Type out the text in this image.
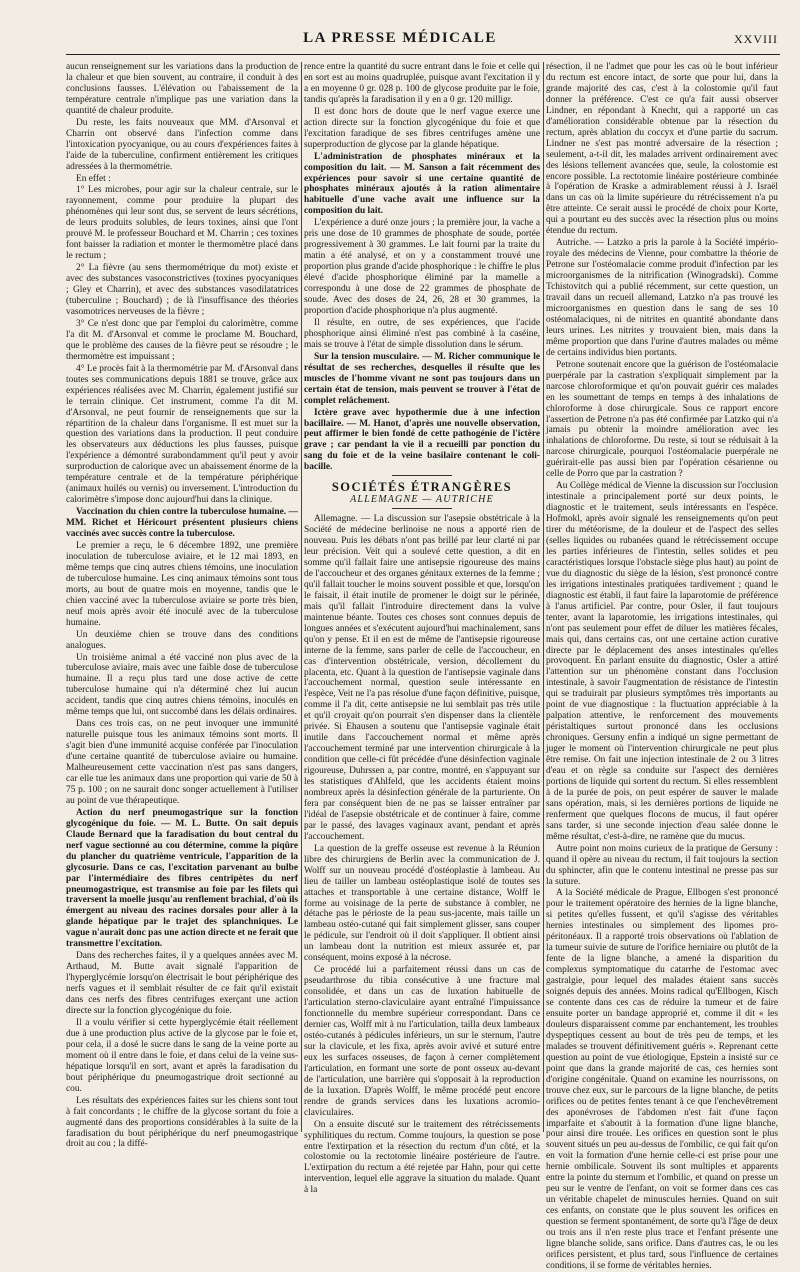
LA PRESSE MÉDICALE	XXVIII

aucun renseignement sur les variations dans la production de la chaleur et que bien souvent, au contraire, il conduit à des conclusions fausses. L'élévation ou l'abaissement de la température centrale n'implique pas une variation dans la quantité de chaleur produite.

Du reste, les faits nouveaux que MM. d'Arsonval et Charrin ont observé dans l'infection comme dans l'intoxication pyocyanique, ou au cours d'expériences faites à l'aide de la tuberculine, confirment entièrement les critiques adressées à la thermométrie.

En effet :

1° Les microbes, pour agir sur la chaleur centrale, sur le rayonnement, comme pour produire la plupart des phénomènes qui leur sont dus, se servent de leurs sécrétions, de leurs produits solubles, de leurs toxines, ainsi que l'ont prouvé M. le professeur Bouchard et M. Charrin ; ces toxines font baisser la radiation et monter le thermomètre placé dans le rectum ;

2° La fièvre (au sens thermométrique du mot) existe et avec des substances vasoconstrictives (toxines pyocyaniques ; Gley et Charrin), et avec des substances vasodilatatrices (tuberculine ; Bouchard) ; de là l'insuffisance des théories vasomotrices nerveuses de la fièvre ;

3° Ce n'est donc que par l'emploi du calorimètre, comme l'a dit M. d'Arsonval et comme le proclame M. Bouchard, que le problème des causes de la fièvre peut se résoudre ; le thermomètre est impuissant ;

4° Le procès fait à la thermométrie par M. d'Arsonval dans toutes ses communications depuis 1881 se trouve, grâce aux expériences réalisées avec M. Charrin, également justifié sur le terrain clinique. Cet instrument, comme l'a dit M. d'Arsonval, ne peut fournir de renseignements que sur la répartition de la chaleur dans l'organisme. Il est muet sur la question des variations dans la production. Il peut conduire les observateurs aux déductions les plus fausses, puisque l'expérience a démontré surabondamment qu'il peut y avoir surproduction de calorique avec un abaissement énorme de la température centrale et de la température périphérique (animaux huilés ou vernis) ou inversement. L'introduction du calorimètre s'impose donc aujourd'hui dans la clinique.

Vaccination du chien contre la tuberculose humaine. — MM. Richet et Héricourt présentent plusieurs chiens vaccinés avec succès contre la tuberculose.

Le premier a reçu, le 6 décembre 1892, une première inoculation de tuberculose aviaire, et le 12 mai 1893, en même temps que cinq autres chiens témoins, une inoculation de tuberculose humaine. Les cinq animaux témoins sont tous morts, au bout de quatre mois en moyenne, tandis que le chien vacciné avec la tuberculose aviaire se porte très bien, neuf mois après avoir été inoculé avec de la tuberculose humaine.

Un deuxième chien se trouve dans des conditions analogues.

Un troisième animal a été vacciné non plus avec de la tuberculose aviaire, mais avec une faible dose de tuberculose humaine. Il a reçu plus tard une dose active de cette tuberculose humaine qui n'a déterminé chez lui aucun accident, tandis que cinq autres chiens témoins, inoculés en même temps que lui, ont succombé dans les délais ordinaires.

Dans ces trois cas, on ne peut invoquer une immunité naturelle puisque tous les animaux témoins sont morts. Il s'agit bien d'une immunité acquise conférée par l'inoculation d'une certaine quantité de tuberculose aviaire ou humaine. Malheureusement cette vaccination n'est pas sans dangers, car elle tue les animaux dans une proportion qui varie de 50 à 75 p. 100 ; on ne saurait donc songer actuellement à l'utiliser au point de vue thérapeutique.

Action du nerf pneumogastrique sur la fonction glycogénique du foie. — M. L. Butte. On sait depuis Claude Bernard que la faradisation du bout central du nerf vague sectionné au cou détermine, comme la piqûre du plancher du quatrième ventricule, l'apparition de la glycosurie. Dans ce cas, l'excitation parvenant au bulbe par l'intermédiaire des fibres centripètes du nerf pneumogastrique, est transmise au foie par les filets qui traversent la moelle jusqu'au renflement brachial, d'où ils émergent au niveau des racines dorsales pour aller à la glande hépatique par le trajet des splanchniques. Le vague n'aurait donc pas une action directe et ne ferait que transmettre l'excitation.

Dans des recherches faites, il y a quelques années avec M. Arthaud, M. Butte avait signalé l'apparition de l'hyperglycémie lorsqu'on électrisait le bout périphérique des nerfs vagues et il semblait résulter de ce fait qu'il existait dans ces nerfs des fibres centrifuges exerçant une action directe sur la fonction glycogénique du foie.

Il a voulu vérifier si cette hyperglycémie était réellement due à une production plus active de la glycose par le foie et, pour cela, il a dosé le sucre dans le sang de la veine porte au moment où il entre dans le foie, et dans celui de la veine sus-hépatique lorsqu'il en sort, avant et après la faradisation du bout périphérique du pneumogastrique droit sectionné au cou.

Les résultats des expériences faites sur les chiens sont tout à fait concordants ; le chiffre de la glycose sortant du foie a augmenté dans des proportions considérables à la suite de la faradisation du bout périphérique du nerf pneumogastrique droit au cou ; la diffé-

rence entre la quantité du sucre entrant dans le foie et celle qui en sort est au moins quadruplée, puisque avant l'excitation il y a en moyenne 0 gr. 028 p. 100 de glycose produite par le foie, tandis qu'après la faradisation il y en a 0 gr. 120 milligr.

Il est donc hors de doute que le nerf vague exerce une action directe sur la fonction glycogénique du foie et que l'excitation faradique de ses fibres centrifuges amène une superproduction de glycose par la glande hépatique.

L'administration de phosphates minéraux et la composition du lait. — M. Sanson a fait récemment des expériences pour savoir si une certaine quantité de phosphates minéraux ajoutés à la ration alimentaire habituelle d'une vache avait une influence sur la composition du lait.

L'expérience a duré onze jours ; la première jour, la vache a pris une dose de 10 grammes de phosphate de soude, portée progressivement à 30 grammes. Le lait fourni par la traite du matin a été analysé, et on y a constamment trouvé une proportion plus grande d'acide phosphorique : le chiffre le plus élevé d'acide phosphorique éliminé par la mamelle a correspondu à une dose de 22 grammes de phosphate de soude. Avec des doses de 24, 26, 28 et 30 grammes, la proportion d'acide phosphorique n'a plus augmenté.

Il résulte, en outre, de ses expériences, que l'acide phosphorique ainsi éliminé n'est pas combiné à la caséine, mais se trouve à l'état de simple dissolution dans le sérum.

Sur la tension musculaire. — M. Richer communique le résultat de ses recherches, desquelles il résulte que les muscles de l'homme vivant ne sont pas toujours dans un certain état de tension, mais peuvent se trouver à l'état de complet relâchement.

Ictère grave avec hypothermie due à une infection bacillaire. — M. Hanot, d'après une nouvelle observation, peut affirmer le bien fondé de cette pathogénie de l'ictère grave ; car pendant la vie il a recueilli par ponction du sang du foie et de la veine basilaire contenant le coli-bacille.

SOCIÉTÉS ÉTRANGÈRES
ALLEMAGNE — AUTRICHE

Allemagne. — La discussion sur l'asepsie obstétricale à la Société de médecine berlinoise ne nous a apporté rien de nouveau. Puis les débats n'ont pas brillé par leur clarté ni par leur précision. Veit qui a soulevé cette question, a dit en somme qu'il fallait faire une antisepsie rigoureuse des mains de l'accoucheur et des organes génitaux externes de la femme ; qu'il fallait toucher le moins souvent possible et que, lorsqu'on le faisait, il était inutile de promener le doigt sur le périnée, mais qu'il fallait l'introduire directement dans la vulve maintenue béante. Toutes ces choses sont connues depuis de longues années et s'exécutent aujourd'hui machinalement, sans qu'on y pense. Et il en est de même de l'antisepsie rigoureuse interne de la femme, sans parler de celle de l'accoucheur, en cas d'intervention obstétricale, version, décollement du placenta, etc. Quant à la question de l'antisepsie vaginale dans l'accouchement normal, question seule intéressante en l'espèce, Veit ne l'a pas résolue d'une façon définitive, puisque, comme il l'a dit, cette antisepsie ne lui semblait pas très utile et qu'il croyait qu'on pourrait s'en dispenser dans la clientèle privée. Si Ehausen a soutenu que l'antisepsie vaginale était inutile dans l'accouchement normal et même après l'accouchement terminé par une intervention chirurgicale à la condition que celle-ci fût précédée d'une désinfection vaginale rigoureuse, Duhrssen a, par contre, montré, en s'appuyant sur les statistiques d'Ahlfeld, que les accidents étaient moins nombreux après la désinfection générale de la parturiente. On fera par conséquent bien de ne pas se laisser entraîner par l'idéal de l'asepsie obstétricale et de continuer à faire, comme par le passé, des lavages vaginaux avant, pendant et après l'accouchement.

La question de la greffe osseuse est revenue à la Réunion libre des chirurgiens de Berlin avec la communication de J. Wolff sur un nouveau procédé d'ostéoplastie à lambeau. Au lieu de tailler un lambeau ostéoplastique isolé de toutes ses attaches et transportable à une certaine distance, Wolff le forme au voisinage de la perte de substance à combler, ne détache pas le périoste de la peau sus-jacente, mais taille un lambeau ostéo-cutané qui fait simplement glisser, sans couper le pédicule, sur l'endroit où il doit s'appliquer. Il obtient ainsi un lambeau dont la nutrition est mieux assurée et, par conséquent, moins exposé à la nécrose.

Ce procédé lui a parfaitement réussi dans un cas de pseudarthrose du tibia consécutive à une fracture mal consolidée, et dans un cas de luxation habituelle de l'articulation sterno-claviculaire ayant entraîné l'impuissance fonctionnelle du membre supérieur correspondant. Dans ce dernier cas, Wolff mit à nu l'articulation, tailla deux lambeaux ostéo-cutanés à pédicules inférieurs, un sur le sternum, l'autre sur la clavicule, et les fixa, après avoir avivé et suturé entre eux les surfaces osseuses, de façon à cerner complètement l'articulation, en formant une sorte de pont osseux au-devant de l'articulation, une barrière qui s'opposait à la reproduction de la luxation. D'après Wolff, le même procédé peut encore rendre de grands services dans les luxations acromio-claviculaires.

On a ensuite discuté sur le traitement des rétrécissements syphilitiques du rectum. Comme toujours, la question se pose entre l'extirpation et la résection du rectum d'un côté, et la colostomie ou la rectotomie linéaire postérieure de l'autre. L'extirpation du rectum a été rejetée par Hahn, pour qui cette intervention, lequel elle aggrave la situation du malade. Quant à la

résection, il ne l'admet que pour les cas où le bout inférieur du rectum est encore intact, de sorte que pour lui, dans la grande majorité des cas, c'est à la colostomie qu'il faut donner la préférence. C'est ce qu'a fait aussi observer Lindner, en répondant à Knecht, qui a rapporté un cas d'amélioration considérable obtenue par la résection du rectum, après ablation du coccyx et d'une partie du sacrum. Lindner ne s'est pas montré adversaire de la résection ; seulement, a-t-il dit, les malades arrivent ordinairement avec des lésions tellement avancées que, seule, la colostomie est encore possible. La rectotomie linéaire postérieure combinée à l'opération de Kraske a admirablement réussi à J. Israël dans un cas où la limite supérieure du rétrécissement n'a pu être atteinte. Ce serait aussi le procédé de choix pour Korte, qui a pourtant eu des succès avec la résection plus ou moins étendue du rectum.

Autriche. — Latzko a pris la parole à la Société império-royale des médecins de Vienne, pour combattre la théorie de Petrone sur l'ostéomalacie comme produit d'infection par les microorganismes de la nitrification (Winogradski). Comme Tchistovitch qui a publié récemment, sur cette question, un travail dans un recueil allemand, Latzko n'a pas trouvé les microorganismes en question dans le sang de ses 10 ostéomalaciques, ni de nitrites en quantité abondante dans leurs urines. Les nitrites y trouvaient bien, mais dans la même proportion que dans l'urine d'autres malades ou même de certains individus bien portants.

Petrone soutenait encore que la guérison de l'ostéomalacie puerpérale par la castration s'expliquait simplement par la narcose chloroformique et qu'on pouvait guérir ces malades en les soumettant de temps en temps à des inhalations de chloroforme à dose chirurgicale. Sous ce rapport encore l'assertion de Petrone n'a pas été confirmée par Latzko qui n'a jamais pu obtenir la moindre amélioration avec les inhalations de chloroforme. Du reste, si tout se réduisait à la narcose chirurgicale, pourquoi l'ostéomalacie puerpérale ne guérirait-elle pas aussi bien par l'opération césarienne ou celle de Porro que par la castration ?

Au Collège médical de Vienne la discussion sur l'occlusion intestinale a principalement porté sur deux points, le diagnostic et le traitement, seuls intéressants en l'espèce. Hofmokl, après avoir signalé les renseignements qu'on peut tirer du météorisme, de la douleur et de l'aspect des selles (selles liquides ou rubanées quand le rétrécissement occupe les parties inférieures de l'intestin, selles solides et peu caractéristiques lorsque l'obstacle siège plus haut) au point de vue du diagnostic du siège de la lésion, s'est prononcé contre les irrigations intestinales pratiquées tardivement ; quand le diagnostic est établi, il faut faire la laparotomie de préférence à l'anus artificiel. Par contre, pour Osler, il faut toujours tenter, avant la laparotomie, les irrigations intestinales, qui n'ont pas seulement pour effet de diluer les matières fécales, mais qui, dans certains cas, ont une certaine action curative directe par le déplacement des anses intestinales qu'elles provoquent. En parlant ensuite du diagnostic, Osler a attiré l'attention sur un phénomène constant dans l'occlusion intestinale, à savoir l'augmentation de résistance de l'intestin qui se traduirait par plusieurs symptômes très importants au point de vue diagnostique : la fluctuation appréciable à la palpation attentive, le renforcement des mouvements péristaltiques surtout prononcé dans les occlusions chroniques. Gersuny enfin a indiqué un signe permettant de juger le moment où l'intervention chirurgicale ne peut plus être remise. On fait une injection intestinale de 2 ou 3 litres d'eau et on règle sa conduite sur l'aspect des dernières portions de liquide qui sortent du rectum. Si elles ressemblent à de la purée de pois, on peut espérer de sauver le malade sans opération, mais, si les dernières portions de liquide ne renferment que quelques flocons de mucus, il faut opérer sans tarder, si une seconde injection d'eau salée donne le même résultat, c'est-à-dire, ne ramène que du mucus.

Autre point non moins curieux de la pratique de Gersuny : quand il opère au niveau du rectum, il fait toujours la section du sphincter, afin que le contenu intestinal ne presse pas sur la suture.

A la Société médicale de Prague, Ellbogen s'est prononcé pour le traitement opératoire des hernies de la ligne blanche, si petites qu'elles fussent, et qu'il s'agisse des véritables hernies intestinales ou simplement des lipomes pro-péritonéaux. Il a rapporté trois observations où l'ablation de la tumeur suivie de suture de l'orifice herniaire ou plutôt de la fente de la ligne blanche, a amené la disparition du complexus symptomatique du catarrhe de l'estomac avec gastralgie, pour lequel des malades étaient sans succès soignés depuis des années. Moins radical qu'Ellbogen, Kisch se contente dans ces cas de réduire la tumeur et de faire ensuite porter un bandage approprié et, comme il dit « les douleurs disparaissent comme par enchantement, les troubles dyspeptiques cessent au bout de très peu de temps, et les malades se trouvent définitivement guéris ». Reprenant cette question au point de vue étiologique, Epstein a insisté sur ce point que dans la grande majorité de cas, ces hernies sont d'origine congénitale. Quand on examine les nourrissons, on trouve chez eux, sur le parcours de la ligne blanche, de petits orifices ou de petites fentes tenant à ce que l'enchevêtrement des aponévroses de l'abdomen n'est fait d'une façon imparfaite et s'aboutit à la formation d'une ligne blanche, pour ainsi dire trouée. Les orifices en question sont le plus souvent situés un peu au-dessus de l'ombilic, ce qui fait qu'on en voit la formation d'une hernie celle-ci est prise pour une hernie ombilicale. Souvent ils sont multiples et apparents entre la pointe du sternum et l'ombilic, et quand on presse un peu sur le ventre de l'enfant, on voit se former dans ces cas un véritable chapelet de minuscules hernies. Quand on suit ces enfants, on constate que le plus souvent les orifices en question se ferment spontanément, de sorte qu'à l'âge de deux ou trois ans il n'en reste plus trace et l'enfant présente une ligne blanche solide, sans orifice. Dans d'autres cas, le ou les orifices persistent, et plus tard, sous l'influence de certaines conditions, il se forme de véritables hernies.
